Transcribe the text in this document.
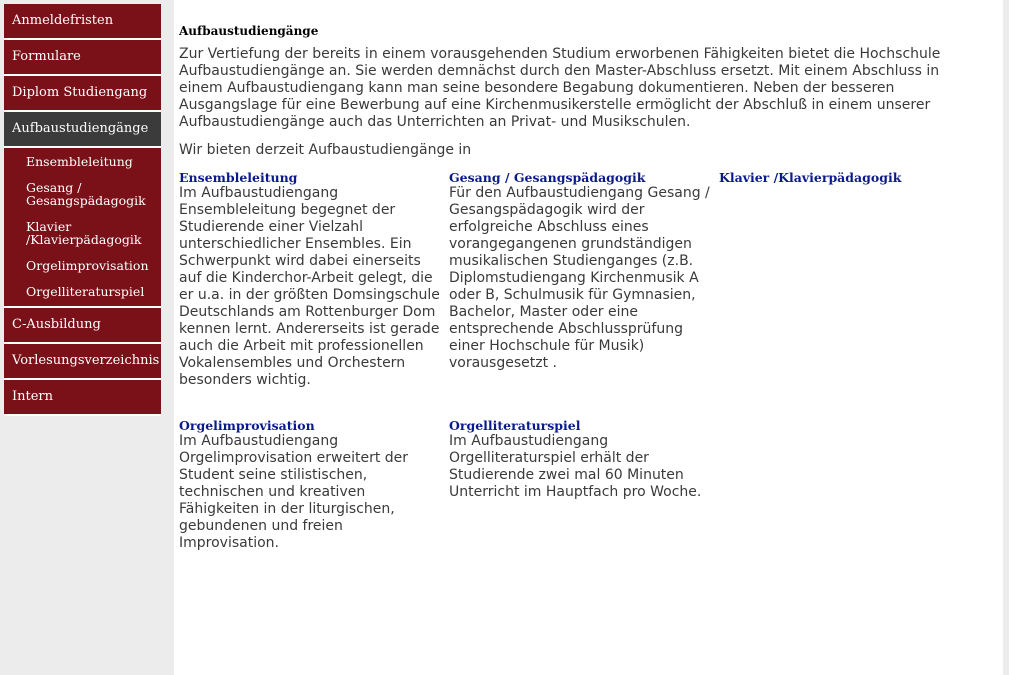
Anmeldefristen
Formulare
Diplom Studiengang
Aufbaustudiengänge
Ensembleleitung
Gesang /
Gesangspädagogik
Klavier
/Klavierpädagogik
Orgelimprovisation
Orgelliteraturspiel
C-Ausbildung
Vorlesungsverzeichnis
Intern
Aufbaustudiengänge
Zur Vertiefung der bereits in einem vorausgehenden Studium erworbenen Fähigkeiten bietet die Hochschule Aufbaustudiengänge an. Sie werden demnächst durch den Master-Abschluss ersetzt. Mit einem Abschluss in einem Aufbaustudiengang kann man seine besondere Begabung dokumentieren. Neben der besseren Ausgangslage für eine Bewerbung auf eine Kirchenmusikerstelle ermöglicht der Abschluß in einem unserer Aufbaustudiengänge auch das Unterrichten an Privat- und Musikschulen.
Wir bieten derzeit Aufbaustudiengänge in
Ensembleleitung

Im Aufbaustudiengang Ensembleleitung begegnet der Studierende einer Vielzahl unterschiedlicher Ensembles. Ein Schwerpunkt wird dabei einerseits auf die Kinderchor-Arbeit gelegt, die er u.a. in der größten Domsingschule Deutschlands am Rottenburger Dom kennen lernt. Andererseits ist gerade auch die Arbeit mit professionellen Vokalensembles und Orchestern besonders wichtig.

Gesang / Gesangspädagogik

Für den Aufbaustudiengang Gesang / Gesangspädagogik wird der erfolgreiche Abschluss eines vorangegangenen grundständigen musikalischen Studienganges (z.B. Diplomstudiengang Kirchenmusik A oder B, Schulmusik für Gymnasien, Bachelor, Master oder eine entsprechende Abschlussprüfung einer Hochschule für Musik) vorausgesetzt .

Klavier /Klavierpädagogik

Orgelimprovisation

Im Aufbaustudiengang Orgelimprovisation erweitert der Student seine stilistischen, technischen und kreativen Fähigkeiten in der liturgischen, gebundenen und freien Improvisation.

Orgelliteraturspiel

Im Aufbaustudiengang Orgelliteraturspiel erhält der Studierende zwei mal 60 Minuten Unterricht im Hauptfach pro Woche.
